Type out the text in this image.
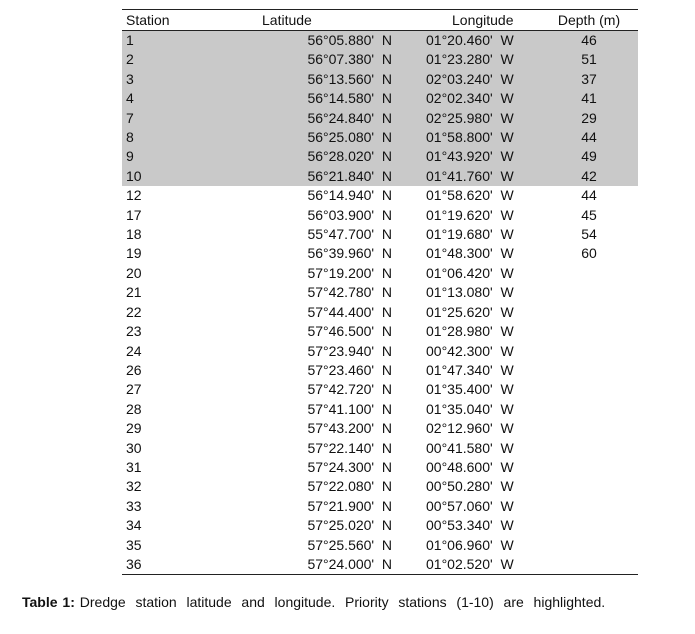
Station	Latitude	Longitude	Depth (m)
1	56°05.880'  N	01°20.460'  W	46
2	56°07.380'  N	01°23.280'  W	51
3	56°13.560'  N	02°03.240'  W	37
4	56°14.580'  N	02°02.340'  W	41
7	56°24.840'  N	02°25.980'  W	29
8	56°25.080'  N	01°58.800'  W	44
9	56°28.020'  N	01°43.920'  W	49
10	56°21.840'  N	01°41.760'  W	42
12	56°14.940'  N	01°58.620'  W	44
17	56°03.900'  N	01°19.620'  W	45
18	55°47.700'  N	01°19.680'  W	54
19	56°39.960'  N	01°48.300'  W	60
20	57°19.200'  N	01°06.420'  W	
21	57°42.780'  N	01°13.080'  W	
22	57°44.400'  N	01°25.620'  W	
23	57°46.500'  N	01°28.980'  W	
24	57°23.940'  N	00°42.300'  W	
26	57°23.460'  N	01°47.340'  W	
27	57°42.720'  N	01°35.400'  W	
28	57°41.100'  N	01°35.040'  W	
29	57°43.200'  N	02°12.960'  W	
30	57°22.140'  N	00°41.580'  W	
31	57°24.300'  N	00°48.600'  W	
32	57°22.080'  N	00°50.280'  W	
33	57°21.900'  N	00°57.060'  W	
34	57°25.020'  N	00°53.340'  W	
35	57°25.560'  N	01°06.960'  W	
36	57°24.000'  N	01°02.520'  W	
Table 1: Dredge  station  latitude  and  longitude.  Priority  stations  (1-10)  are  highlighted.
